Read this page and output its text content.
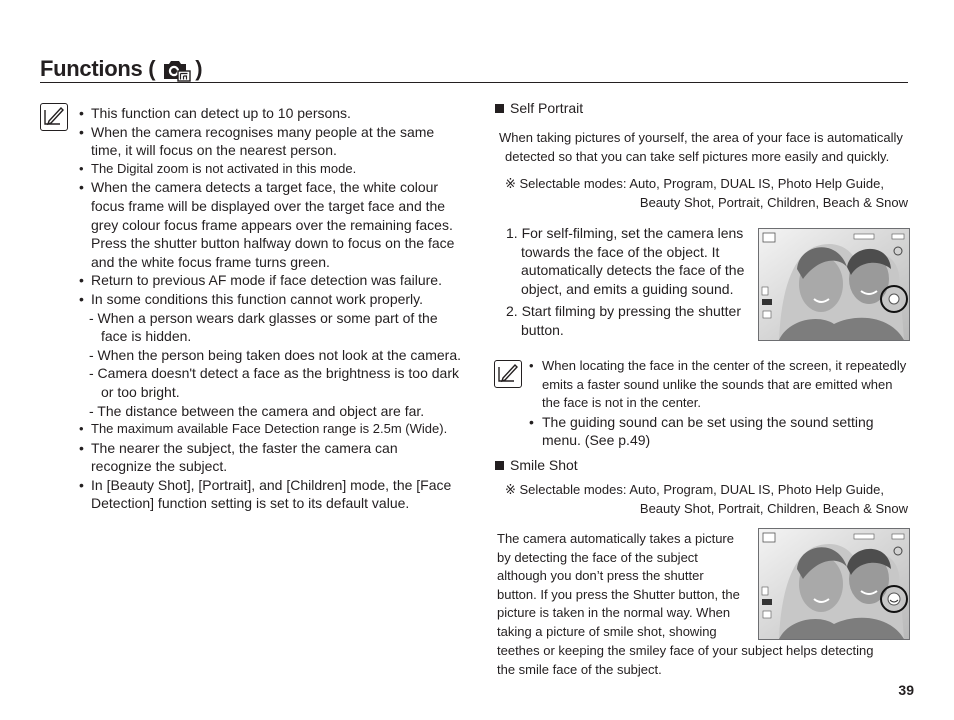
Functions ( )
• This function can detect up to 10 persons.
• When the camera recognises many people at the same time, it will focus on the nearest person.
• The Digital zoom is not activated in this mode.
• When the camera detects a target face, the white colour focus frame will be displayed over the target face and the grey colour focus frame appears over the remaining faces. Press the shutter button halfway down to focus on the face and the white focus frame turns green.
• Return to previous AF mode if face detection was failure.
• In some conditions this function cannot work properly.
- When a person wears dark glasses or some part of the face is hidden.
- When the person being taken does not look at the camera.
- Camera doesn't detect a face as the brightness is too dark or too bright.
- The distance between the camera and object are far.
• The maximum available Face Detection range is 2.5m (Wide).
• The nearer the subject, the faster the camera can recognize the subject.
• In [Beauty Shot], [Portrait], and [Children] mode, the [Face Detection] function setting is set to its default value.
Self Portrait
When taking pictures of yourself, the area of your face is automatically
detected so that you can take self pictures more easily and quickly.
※ Selectable modes: Auto, Program, DUAL IS, Photo Help Guide,
Beauty Shot, Portrait, Children, Beach & Snow
1. For self-filming, set the camera lens
towards the face of the object. It
automatically detects the face of the
object, and emits a guiding sound.
2. Start filming by pressing the shutter
button.
• When locating the face in the center of the screen, it repeatedly
emits a faster sound unlike the sounds that are emitted when
the face is not in the center.
• The guiding sound can be set using the sound setting
menu. (See p.49)
Smile Shot
※ Selectable modes: Auto, Program, DUAL IS, Photo Help Guide,
Beauty Shot, Portrait, Children, Beach & Snow
The camera automatically takes a picture
by detecting the face of the subject
although you don’t press the shutter
button. If you press the Shutter button, the
picture is taken in the normal way. When
taking a picture of smile shot, showing
teethes or keeping the smiley face of your subject helps detecting
the smile face of the subject.
39
